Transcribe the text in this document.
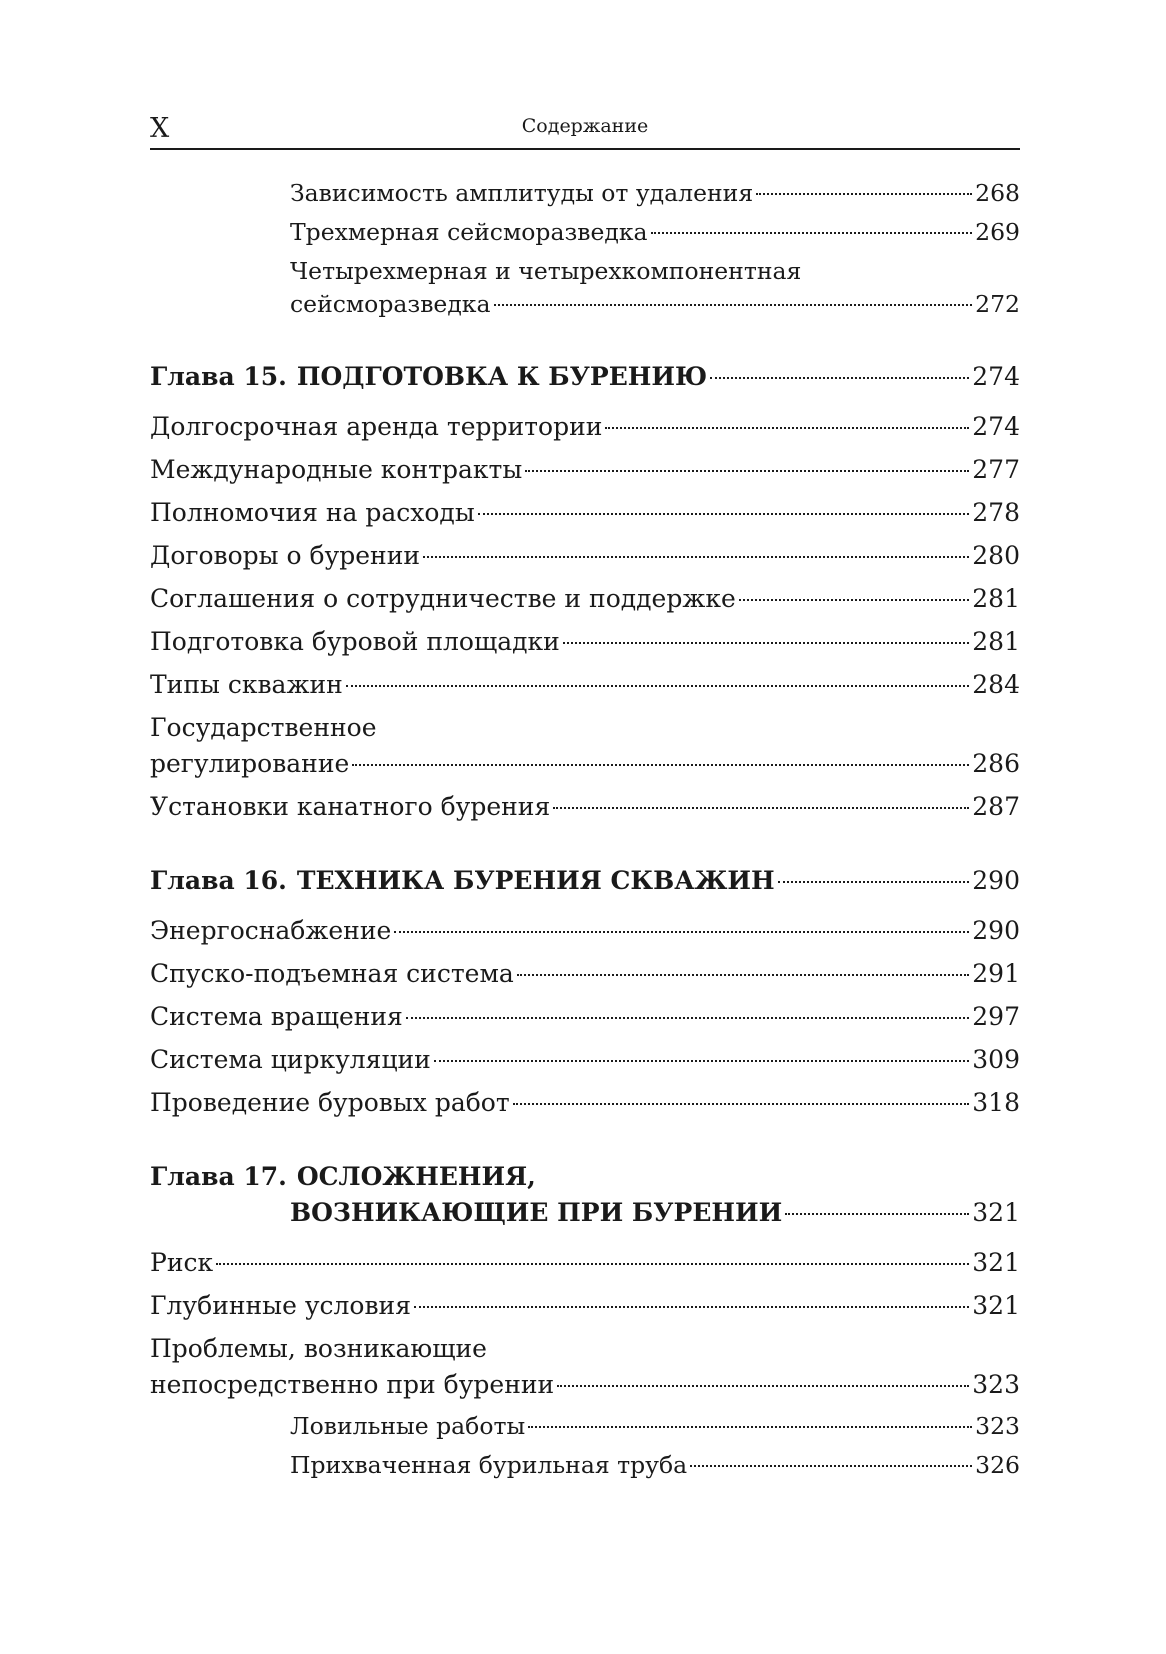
X	Содержание
Зависимость амплитуды от удаления	268
Трехмерная сейсморазведка	269
Четырехмерная и четырехкомпонентная
сейсморазведка	272
Глава 15. ПОДГОТОВКА К БУРЕНИЮ	274
Долгосрочная аренда территории	274
Международные контракты	277
Полномочия на расходы	278
Договоры о бурении	280
Соглашения о сотрудничестве и поддержке	281
Подготовка буровой площадки	281
Типы скважин	284
Государственное
регулирование	286
Установки канатного бурения	287
Глава 16. ТЕХНИКА БУРЕНИЯ СКВАЖИН	290
Энергоснабжение	290
Спуско-подъемная система	291
Система вращения	297
Система циркуляции	309
Проведение буровых работ	318
Глава 17. ОСЛОЖНЕНИЯ,
ВОЗНИКАЮЩИЕ ПРИ БУРЕНИИ	321
Риск	321
Глубинные условия	321
Проблемы, возникающие
непосредственно при бурении	323
Ловильные работы	323
Прихваченная бурильная труба	326
